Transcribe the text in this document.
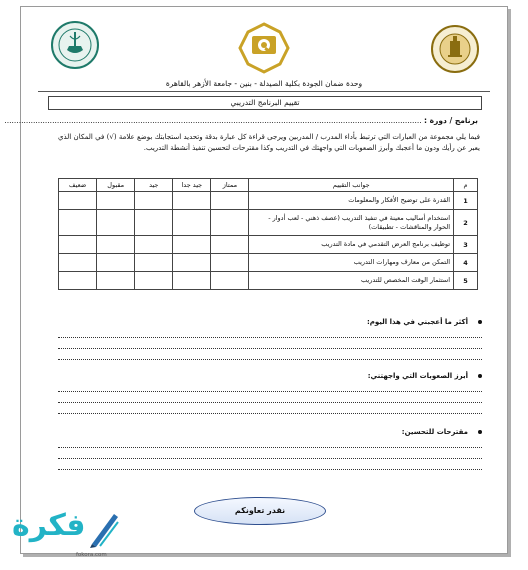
وحدة ضمان الجودة بكلية الصيدلة - بنين - جامعة الأزهر بالقاهرة
تقييم البرنامج التدريبي
برنامج / دورة : ...............................................................................................................................................................................
فيما يلي مجموعة من العبارات التي ترتبط بأداء المدرب / المدربين ويرجى قراءة كل عبارة بدقة وتحديد استجابتك بوضع علامة (√) في المكان الذي يعبر عن رأيك ودون ما أعجبك وأبرز الصعوبات التي واجهتك في التدريب وكذا مقترحات لتحسين تنفيذ أنشطة التدريب.
م	جوانب التقييم	ممتاز	جيد جدا	جيد	مقبول	ضعيف
1	القدرة على توضيح الأفكار والمعلومات					
2	استخدام أساليب معينة في تنفيذ التدريب (عصف ذهني - لعب أدوار - الحوار والمناقشات - تطبيقات)					
3	توظيف برنامج العرض التقدمي في مادة التدريب					
4	التمكن من معارف ومهارات التدريب					
5	استثمار الوقت المخصص للتدريب					
أكثر ما أعجبني في هذا اليوم:
أبرز الصعوبات التي واجهتني:
مقترحات للتحسين:
نقدر تعاونكم
فكرة
fokora.com
